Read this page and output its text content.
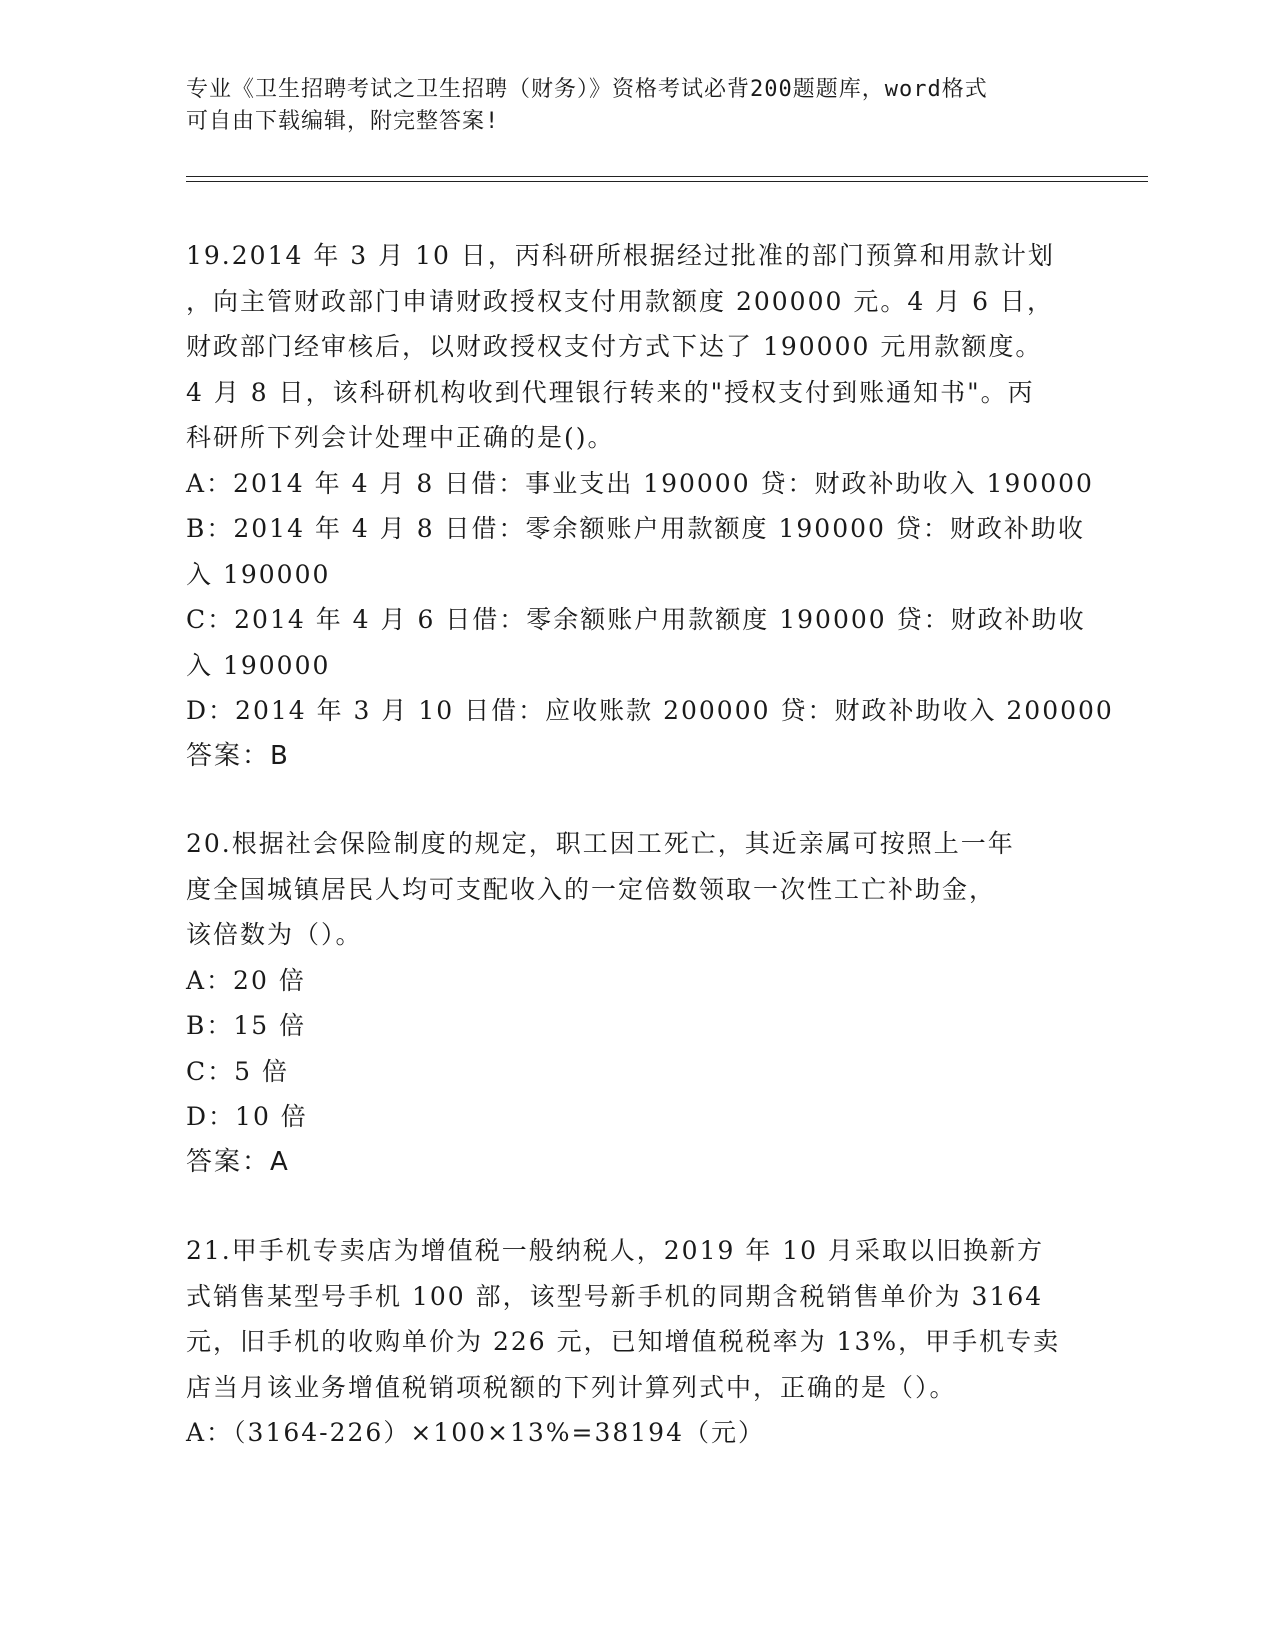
专业《卫生招聘考试之卫生招聘（财务）》资格考试必背200题题库，word格式
可自由下载编辑，附完整答案!
19.2014 年 3 月 10 日，丙科研所根据经过批准的部门预算和用款计划
，向主管财政部门申请财政授权支付用款额度 200000 元。4 月 6 日，
财政部门经审核后，以财政授权支付方式下达了 190000 元用款额度。
4 月 8 日，该科研机构收到代理银行转来的"授权支付到账通知书"。丙
科研所下列会计处理中正确的是()。
A：2014 年 4 月 8 日借：事业支出 190000 贷：财政补助收入 190000
B：2014 年 4 月 8 日借：零余额账户用款额度 190000 贷：财政补助收
入 190000
C：2014 年 4 月 6 日借：零余额账户用款额度 190000 贷：财政补助收
入 190000
D：2014 年 3 月 10 日借：应收账款 200000 贷：财政补助收入 200000
答案：B
20.根据社会保险制度的规定，职工因工死亡，其近亲属可按照上一年
度全国城镇居民人均可支配收入的一定倍数领取一次性工亡补助金，
该倍数为（）。
A：20 倍
B：15 倍
C：5 倍
D：10 倍
答案：A
21.甲手机专卖店为增值税一般纳税人，2019 年 10 月采取以旧换新方
式销售某型号手机 100 部，该型号新手机的同期含税销售单价为 3164
元，旧手机的收购单价为 226 元，已知增值税税率为 13%，甲手机专卖
店当月该业务增值税销项税额的下列计算列式中，正确的是（）。
A：（3164-226）×100×13%=38194（元）
